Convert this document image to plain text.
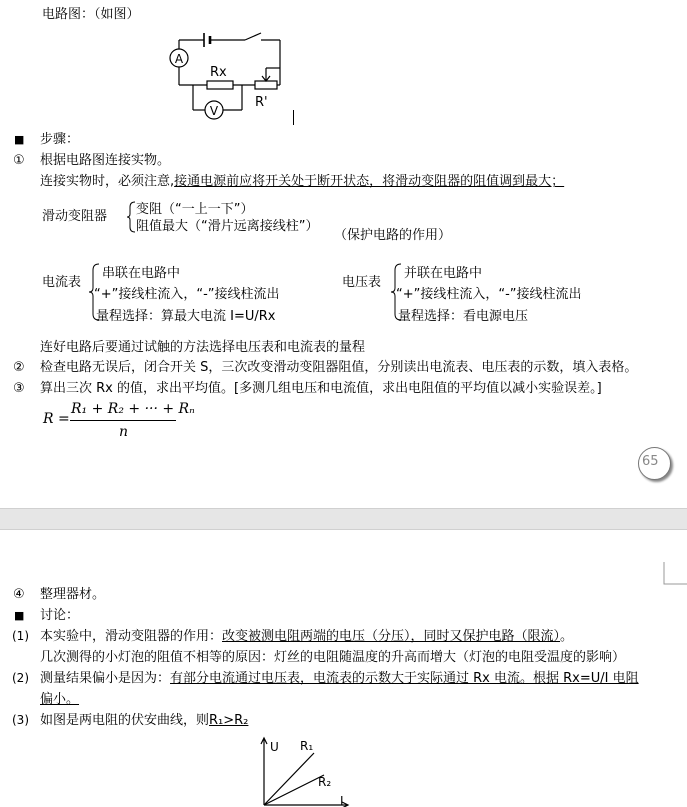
电路图：（如图）
A
V
Rx
R'
■ 步骤：
① 根据电路图连接实物。
连接实物时，必须注意,接通电源前应将开关处于断开状态，将滑动变阻器的阻值调到最大；
滑动变阻器 变阻（“一上一下”）
阻值最大（“滑片远离接线柱”）
（保护电路的作用）
电流表
串联在电路中
“+”接线柱流入，“-”接线柱流出
量程选择：算最大电流 I=U/Rx
电压表
并联在电路中
“+”接线柱流入，“-”接线柱流出
量程选择：看电源电压
连好电路后要通过试触的方法选择电压表和电流表的量程
② 检查电路无误后，闭合开关 S，三次改变滑动变阻器阻值，分别读出电流表、电压表的示数，填入表格。
③ 算出三次 Rx 的值，求出平均值。[多测几组电压和电流值，求出电阻值的平均值以减小实验误差。]
R =
R₁ + R₂ + ··· + Rₙ
n
65
④ 整理器材。
■ 讨论：
(1) 本实验中，滑动变阻器的作用：改变被测电阻两端的电压（分压），同时又保护电路（限流）。
几次测得的小灯泡的阻值不相等的原因：灯丝的电阻随温度的升高而增大（灯泡的电阻受温度的影响）
(2) 测量结果偏小是因为：有部分电流通过电压表，电流表的示数大于实际通过 Rx 电流。根据 Rx=U/I 电阻
偏小。
(3) 如图是两电阻的伏安曲线，则R₁>R₂
U
I
R₁
R₂
